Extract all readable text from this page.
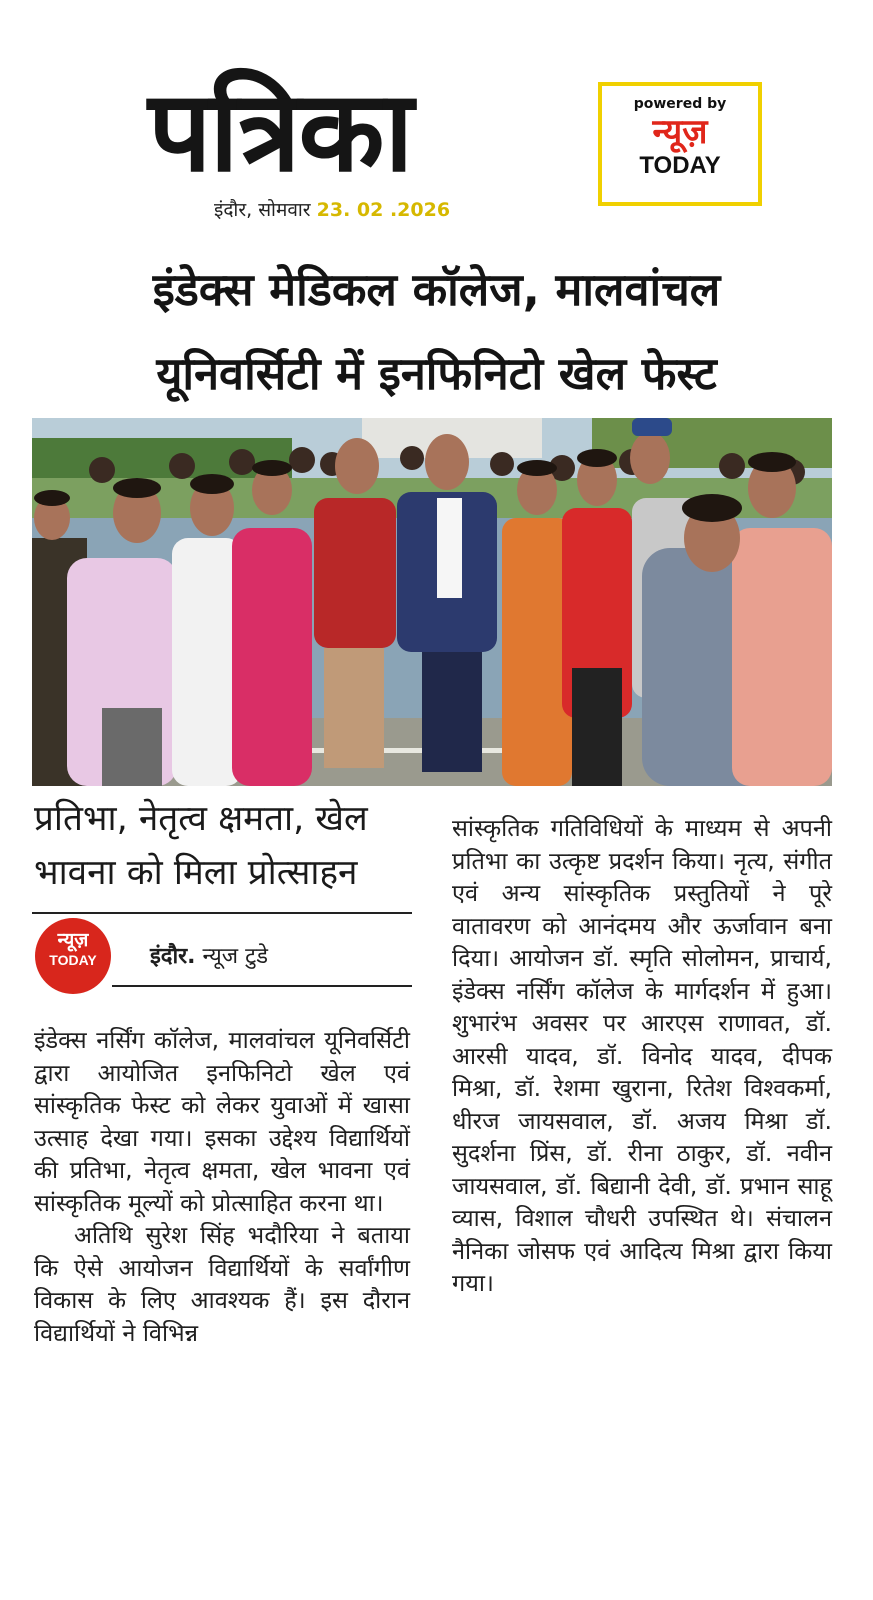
पत्रिका
इंदौर, सोमवार 23. 02 .2026
powered by
न्यूज़
TODAY
इंडेक्स मेडिकल कॉलेज, मालवांचल
यूनिवर्सिटी में इनफिनिटो खेल फेस्ट
प्रतिभा, नेतृत्व क्षमता, खेल
भावना को मिला प्रोत्साहन
न्यूज़
TODAY	इंदौर. न्यूज टुडे

इंडेक्स नर्सिंग कॉलेज, मालवांचल यूनिवर्सिटी द्वारा आयोजित इनफिनिटो खेल एवं सांस्कृतिक फेस्ट को लेकर युवाओं में खासा उत्साह देखा गया। इसका उद्देश्य विद्यार्थियों की प्रतिभा, नेतृत्व क्षमता, खेल भावना एवं सांस्कृतिक मूल्यों को प्रोत्साहित करना था।

अतिथि सुरेश सिंह भदौरिया ने बताया कि ऐसे आयोजन विद्यार्थियों के सर्वांगीण विकास के लिए आवश्यक हैं। इस दौरान विद्यार्थियों ने विभिन्न

सांस्कृतिक गतिविधियों के माध्यम से अपनी प्रतिभा का उत्कृष्ट प्रदर्शन किया। नृत्य, संगीत एवं अन्य सांस्कृतिक प्रस्तुतियों ने पूरे वातावरण को आनंदमय और ऊर्जावान बना दिया। आयोजन डॉ. स्मृति सोलोमन, प्राचार्य, इंडेक्स नर्सिंग कॉलेज के मार्गदर्शन में हुआ। शुभारंभ अवसर पर आरएस राणावत, डॉ. आरसी यादव, डॉ. विनोद यादव, दीपक मिश्रा, डॉ. रेशमा खुराना, रितेश विश्वकर्मा, धीरज जायसवाल, डॉ. अजय मिश्रा डॉ. सुदर्शना प्रिंस, डॉ. रीना ठाकुर, डॉ. नवीन जायसवाल, डॉ. बिद्यानी देवी, डॉ. प्रभान साहू व्यास, विशाल चौधरी उपस्थित थे। संचालन नैनिका जोसफ एवं आदित्य मिश्रा द्वारा किया गया।
